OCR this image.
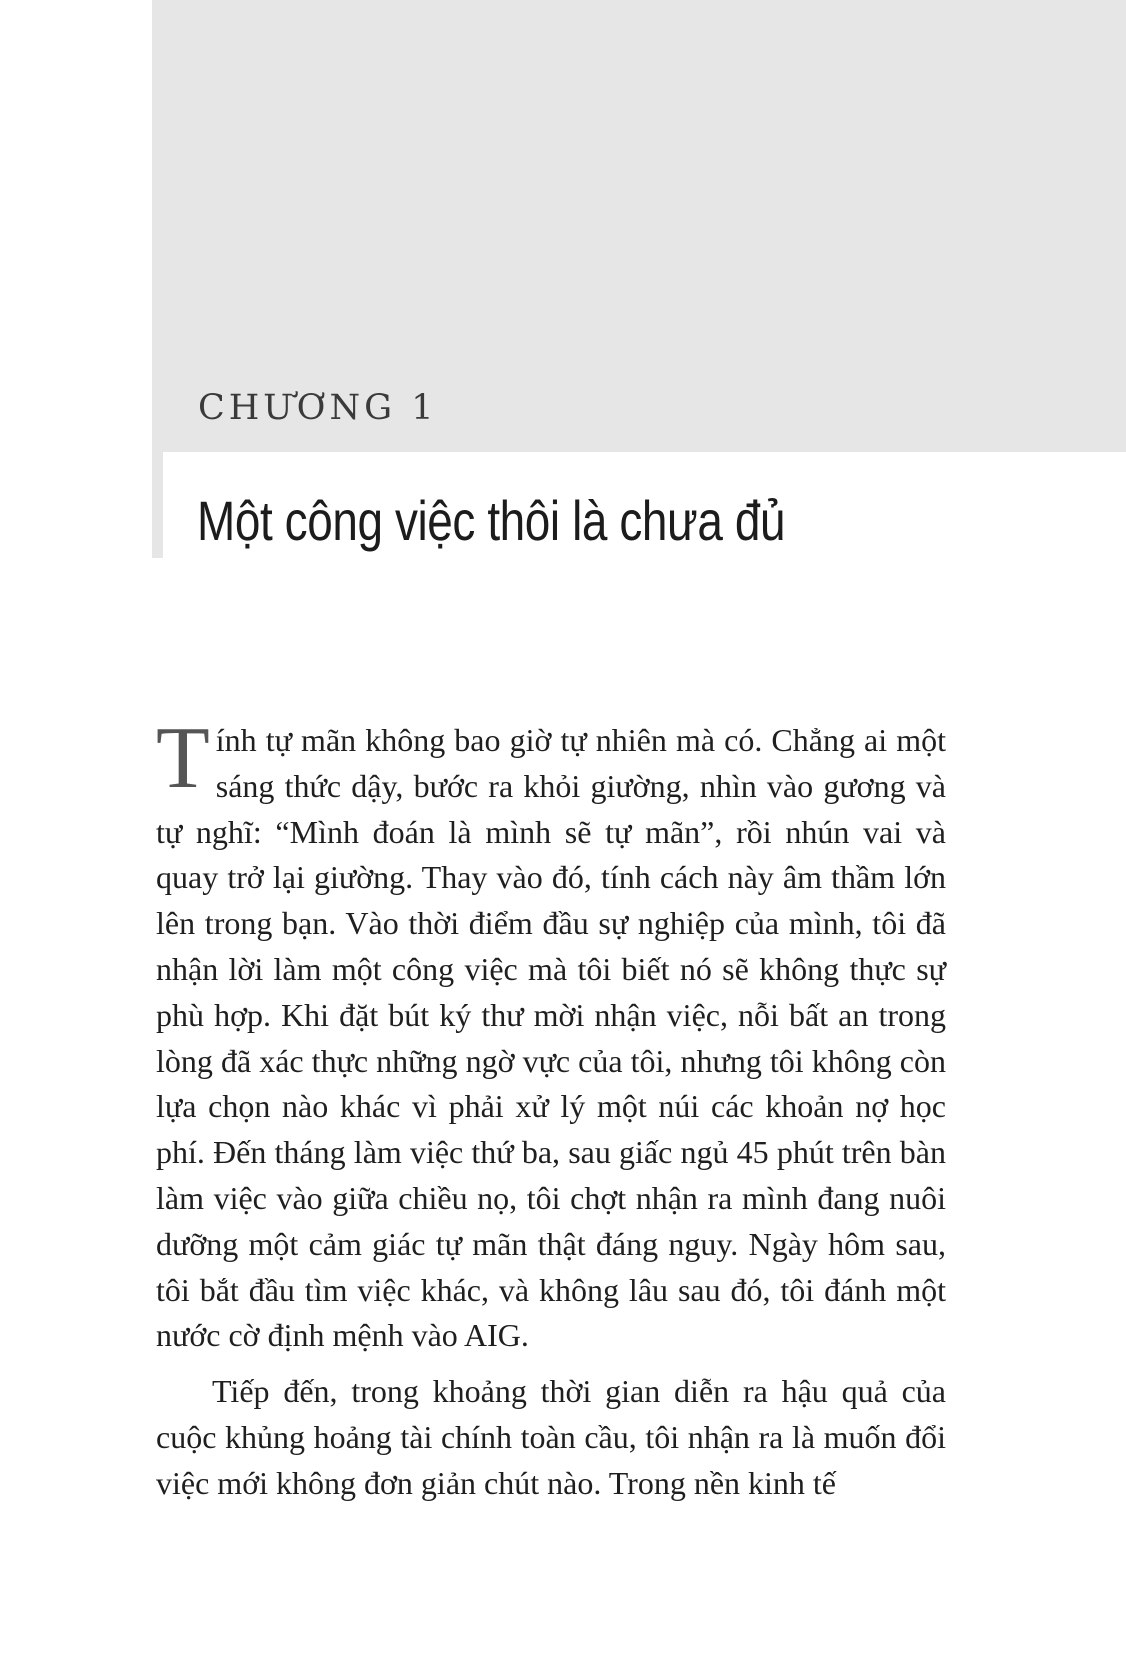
CHƯƠNG 1
Một công việc thôi là chưa đủ

Tính tự mãn không bao giờ tự nhiên mà có. Chẳng ai một sáng thức dậy, bước ra khỏi giường, nhìn vào gương và tự nghĩ: “Mình đoán là mình sẽ tự mãn”, rồi nhún vai và quay trở lại giường. Thay vào đó, tính cách này âm thầm lớn lên trong bạn. Vào thời điểm đầu sự nghiệp của mình, tôi đã nhận lời làm một công việc mà tôi biết nó sẽ không thực sự phù hợp. Khi đặt bút ký thư mời nhận việc, nỗi bất an trong lòng đã xác thực những ngờ vực của tôi, nhưng tôi không còn lựa chọn nào khác vì phải xử lý một núi các khoản nợ học phí. Đến tháng làm việc thứ ba, sau giấc ngủ 45 phút trên bàn làm việc vào giữa chiều nọ, tôi chợt nhận ra mình đang nuôi dưỡng một cảm giác tự mãn thật đáng nguy. Ngày hôm sau, tôi bắt đầu tìm việc khác, và không lâu sau đó, tôi đánh một nước cờ định mệnh vào AIG.

Tiếp đến, trong khoảng thời gian diễn ra hậu quả của cuộc khủng hoảng tài chính toàn cầu, tôi nhận ra là muốn đổi việc mới không đơn giản chút nào. Trong nền kinh tế
